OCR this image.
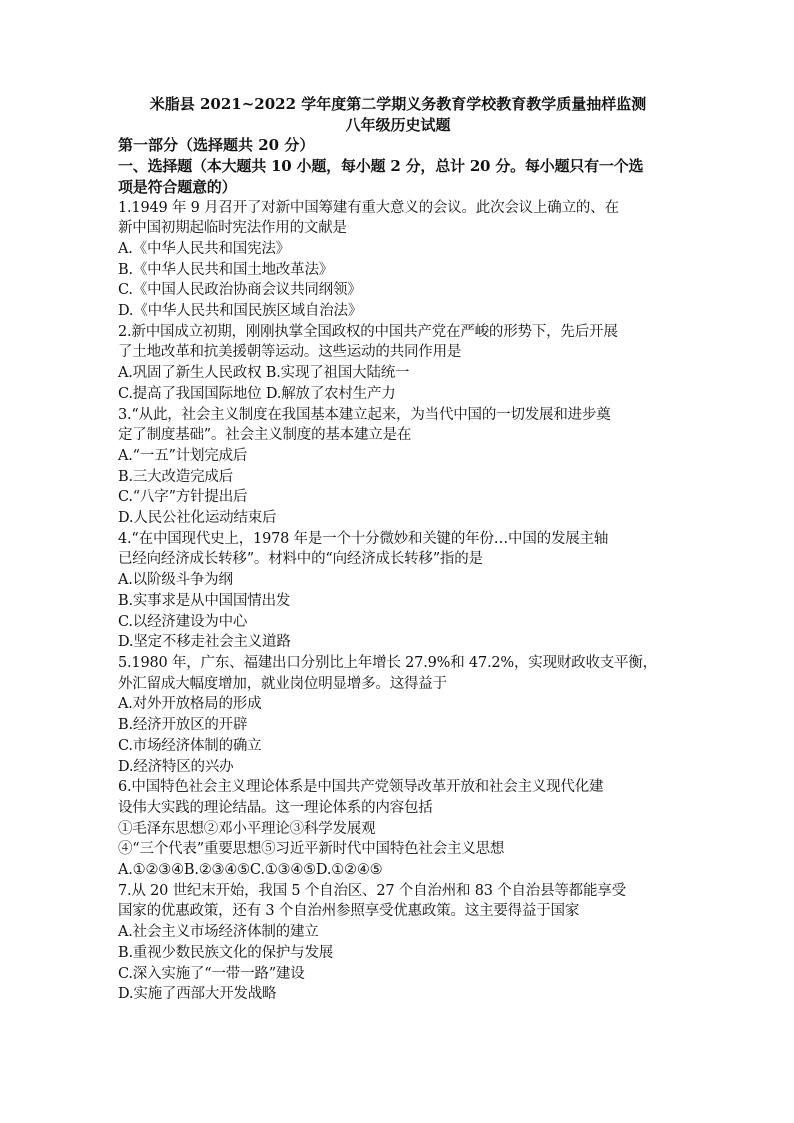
米脂县 2021~2022 学年度第二学期义务教育学校教育教学质量抽样监测
八年级历史试题
第一部分（选择题共 20 分）
一、选择题（本大题共 10 小题，每小题 2 分，总计 20 分。每小题只有一个选
项是符合题意的）
1.1949 年 9 月召开了对新中国筹建有重大意义的会议。此次会议上确立的、在
新中国初期起临时宪法作用的文献是
A.《中华人民共和国宪法》
B.《中华人民共和国土地改革法》
C.《中国人民政治协商会议共同纲领》
D.《中华人民共和国民族区域自治法》
2.新中国成立初期，刚刚执掌全国政权的中国共产党在严峻的形势下，先后开展
了土地改革和抗美援朝等运动。这些运动的共同作用是
A.巩固了新生人民政权 B.实现了祖国大陆统一
C.提高了我国国际地位 D.解放了农村生产力
3.“从此，社会主义制度在我国基本建立起来，为当代中国的一切发展和进步奠
定了制度基础”。社会主义制度的基本建立是在
A.“一五”计划完成后
B.三大改造完成后
C.“八字”方针提出后
D.人民公社化运动结束后
4.“在中国现代史上，1978 年是一个十分微妙和关键的年份…中国的发展主轴
已经向经济成长转移”。材料中的“向经济成长转移”指的是
A.以阶级斗争为纲
B.实事求是从中国国情出发
C.以经济建设为中心
D.坚定不移走社会主义道路
5.1980 年，广东、福建出口分别比上年增长 27.9%和 47.2%，实现财政收支平衡，
外汇留成大幅度增加，就业岗位明显增多。这得益于
A.对外开放格局的形成
B.经济开放区的开辟
C.市场经济体制的确立
D.经济特区的兴办
6.中国特色社会主义理论体系是中国共产党领导改革开放和社会主义现代化建
设伟大实践的理论结晶。这一理论体系的内容包括
①毛泽东思想②邓小平理论③科学发展观
④“三个代表”重要思想⑤习近平新时代中国特色社会主义思想
A.①②③④B.②③④⑤C.①③④⑤D.①②④⑤
7.从 20 世纪末开始，我国 5 个自治区、27 个自治州和 83 个自治县等都能享受
国家的优惠政策，还有 3 个自治州参照享受优惠政策。这主要得益于国家
A.社会主义市场经济体制的建立
B.重视少数民族文化的保护与发展
C.深入实施了“一带一路”建设
D.实施了西部大开发战略
